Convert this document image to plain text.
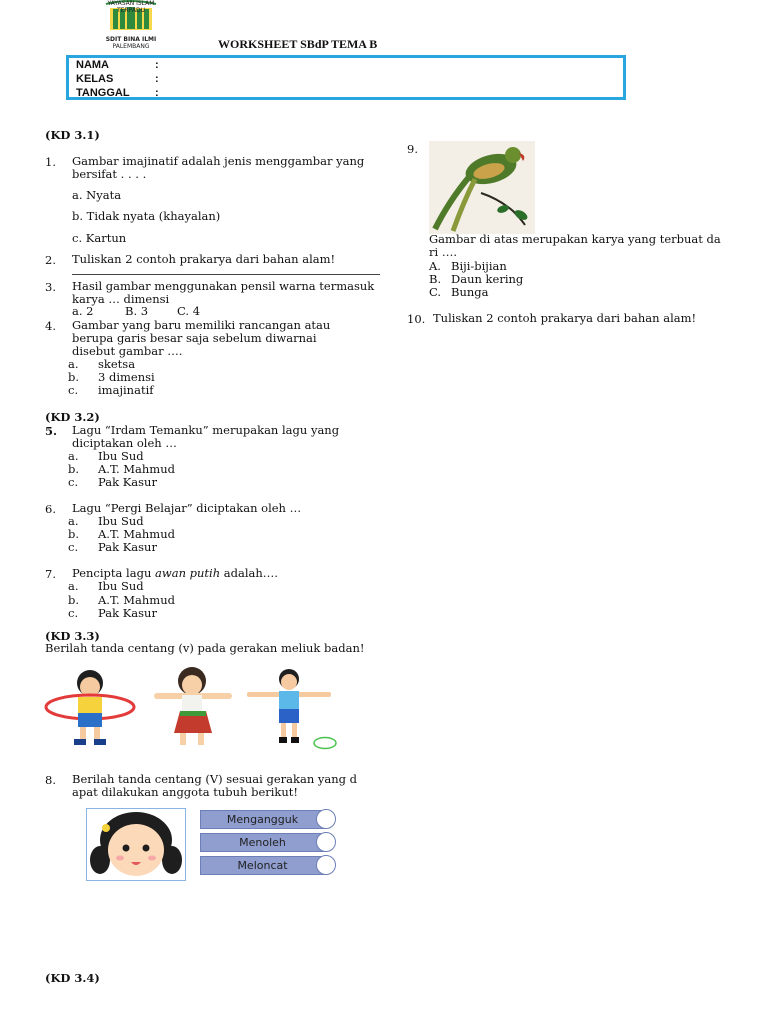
YAYASAN ISLAM TERPADU
SDIT BINA ILMI
PALEMBANG	WORKSHEET SBdP TEMA B
NAMA	:
KELAS	:
TANGGAL :
(KD 3.1)
1. Gambar imajinatif adalah jenis menggambar yang
bersifat . . . .
a. Nyata
b. Tidak nyata (khayalan)
c. Kartun
2. Tuliskan 2 contoh prakarya dari bahan alam!
3. Hasil gambar menggunakan pensil warna termasuk
karya … dimensi
a. 2	B. 3	C. 4
4. Gambar yang baru memiliki rancangan atau
berupa garis besar saja sebelum diwarnai
disebut gambar ….
a. sketsa
b. 3 dimensi
c. imajinatif
(KD 3.2)
5. Lagu “Irdam Temanku” merupakan lagu yang
diciptakan oleh …
a. Ibu Sud
b. A.T. Mahmud
c. Pak Kasur
6. Lagu “Pergi Belajar” diciptakan oleh …
a. Ibu Sud
b. A.T. Mahmud
c. Pak Kasur
7. Pencipta lagu awan putih adalah….
a. Ibu Sud
b. A.T. Mahmud
c. Pak Kasur
(KD 3.3)
Berilah tanda centang (v) pada gerakan meliuk badan!
8. Berilah tanda centang (V) sesuai gerakan yang d
apat dilakukan anggota tubuh berikut!
Mengangguk
Menoleh
Meloncat
(KD 3.4)
9.
Gambar di atas merupakan karya yang terbuat da
ri ….
A. Biji-bijian
B. Daun kering
C. Bunga
10. Tuliskan 2 contoh prakarya dari bahan alam!
